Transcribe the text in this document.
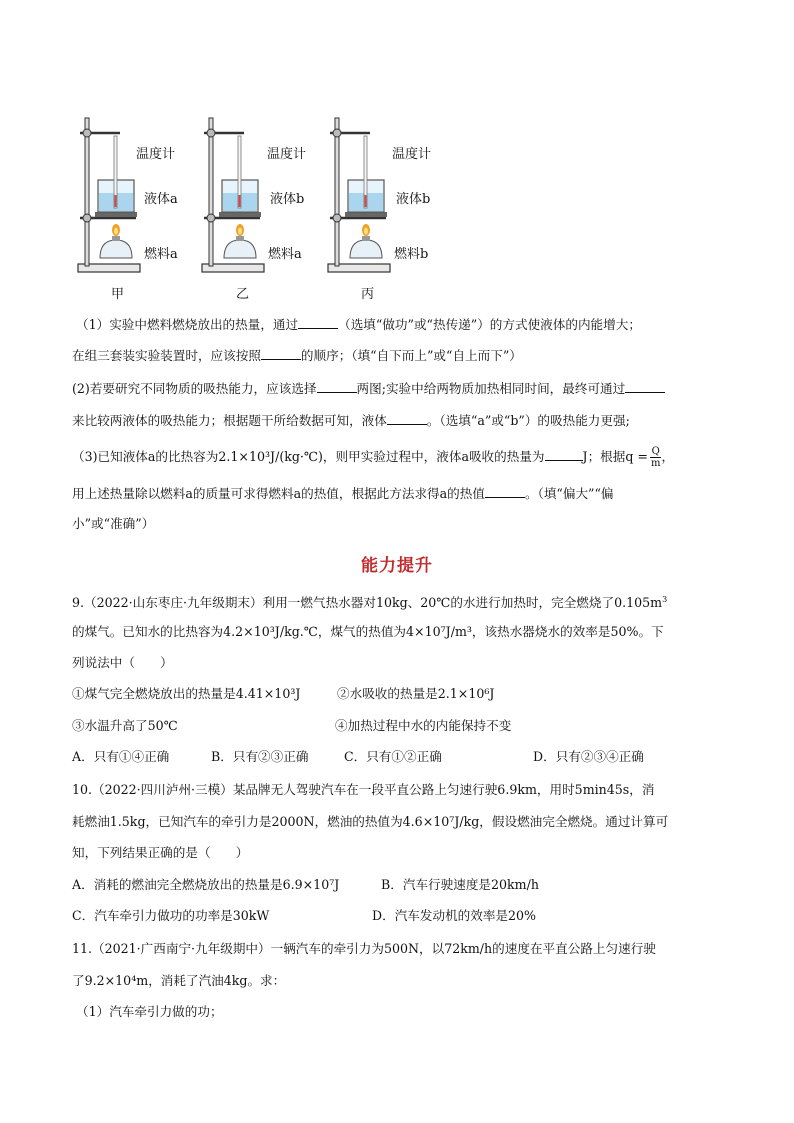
温度计
液体a
燃料a
甲
温度计
液体b
燃料a
乙
温度计
液体b
燃料b
丙
（1）实验中燃料燃烧放出的热量，通过	（选填“做功”或“热传递”）的方式使液体的内能增大；
在组三套装实验装置时，应该按照	的顺序；（填“自下而上”或“自上而下”）
(2)若要研究不同物质的吸热能力，应该选择	两图;实验中给两物质加热相同时间，最终可通过
来比较两液体的吸热能力；根据题干所给数据可知，液体	。（选填“a”或“b”）的吸热能力更强;
（3)已知液体a的比热容为2.1×10³J/(kg·℃)，则甲实验过程中，液体a吸收的热量为	J；根据$q = \frac{Q}{m}$ ，
用上述热量除以燃料a的质量可求得燃料a的热值，根据此方法求得a的热值	。（填“偏大”“偏
小”或“准确”）
能力提升
9.（2022·山东枣庄·九年级期末）利用一燃气热水器对10kg、20℃的水进行加热时，完全燃烧了$0.105m^3$
的煤气。已知水的比热容为4.2×10³J/kg.℃，煤气的热值为4×10⁷J/m³，该热水器烧水的效率是50%。下
列说法中（　　）
①煤气完全燃烧放出的热量是4.41×10³J	②水吸收的热量是2.1×10⁶J
③水温升高了50℃	④加热过程中水的内能保持不变
A．只有①④正确	B．只有②③正确	C．只有①②正确	D．只有②③④正确
10.（2022·四川泸州·三模）某品牌无人驾驶汽车在一段平直公路上匀速行驶6.9km，用时5min45s，消
耗燃油1.5kg，已知汽车的牵引力是2000N，燃油的热值为4.6×10⁷J/kg，假设燃油完全燃烧。通过计算可
知，下列结果正确的是（　　）
A．消耗的燃油完全燃烧放出的热量是6.9×10⁷J	B．汽车行驶速度是20km/h
C．汽车牵引力做功的功率是30kW	D．汽车发动机的效率是20%
11.（2021·广西南宁·九年级期中）一辆汽车的牵引力为500N，以72km/h的速度在平直公路上匀速行驶
了9.2×10⁴m，消耗了汽油4kg。求：
（1）汽车牵引力做的功；
